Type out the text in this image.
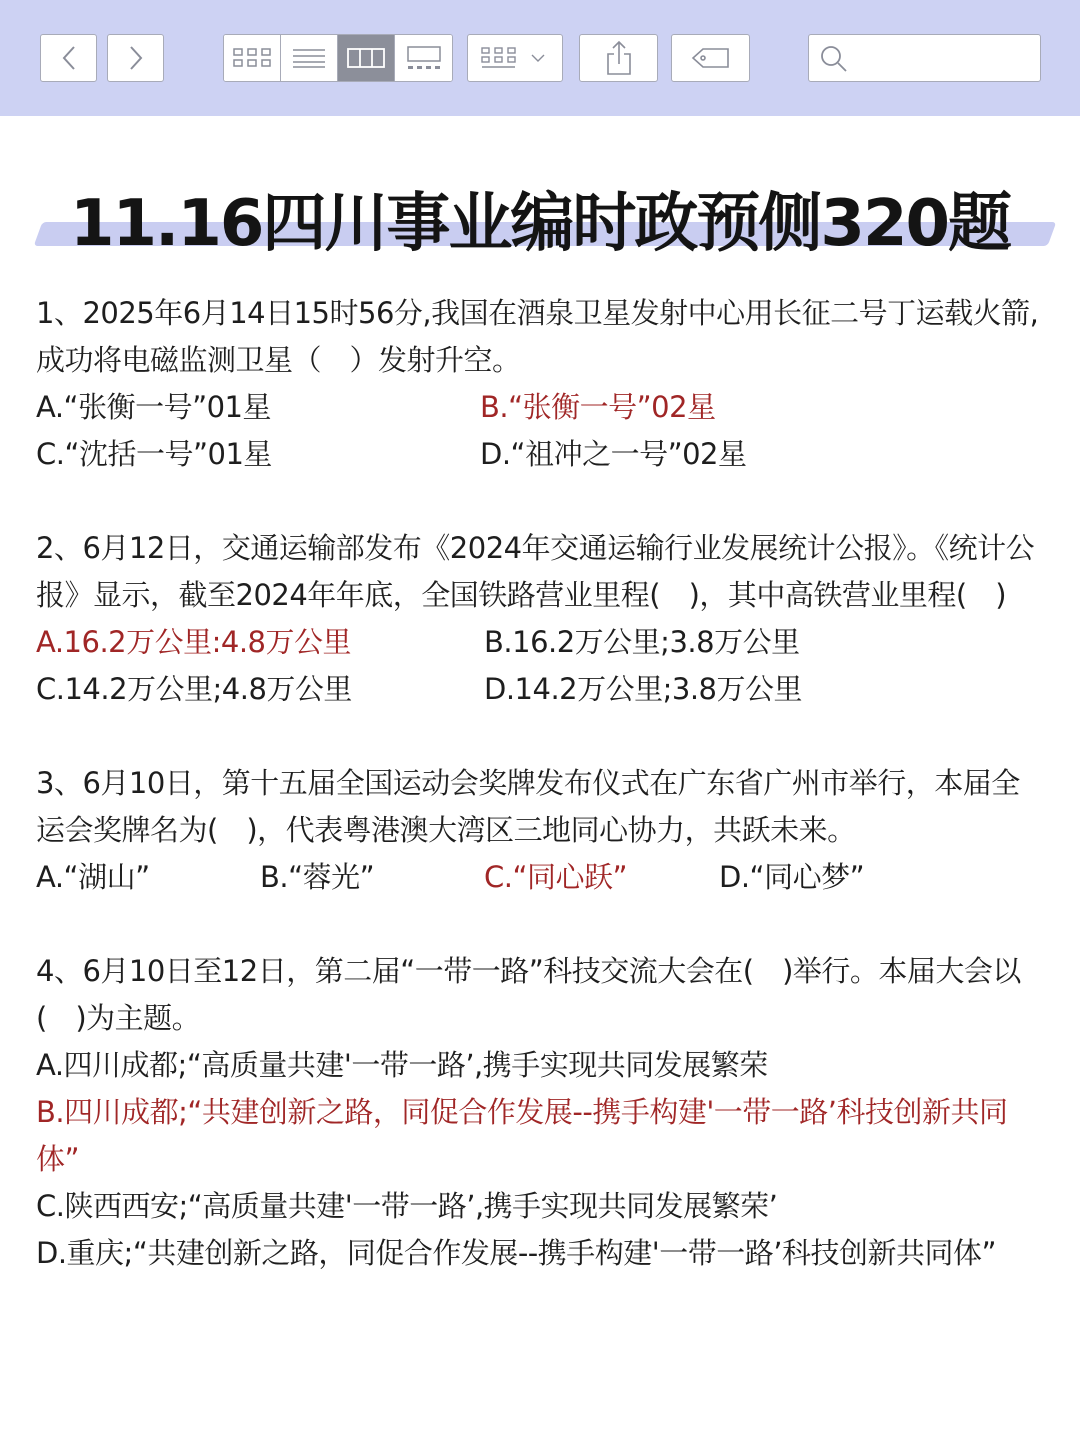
11.16四川事业编时政预侧320题
1、2025年6月14日15时56分,我国在酒泉卫星发射中心用长征二号丁运载火箭,成功将电磁监测卫星（　）发射升空。
A.“张衡一号”01星	B.“张衡一号”02星
C.“沈括一号”01星	D.“祖冲之一号”02星
2、6月12日，交通运输部发布《2024年交通运输行业发展统计公报》。《统计公报》显示，截至2024年年底，全国铁路营业里程(　)，其中高铁营业里程(　)
A.16.2万公里:4.8万公里	B.16.2万公里;3.8万公里
C.14.2万公里;4.8万公里	D.14.2万公里;3.8万公里
3、6月10日，第十五届全国运动会奖牌发布仪式在广东省广州市举行，本届全运会奖牌名为(　)，代表粤港澳大湾区三地同心协力，共跃未来。
A.“湖山”	B.“蓉光”	C.“同心跃”	D.“同心梦”
4、6月10日至12日，第二届“一带一路”科技交流大会在(　)举行。本届大会以(　)为主题。
A.四川成都;“高质量共建'一带一路’,携手实现共同发展繁荣
B.四川成都;“共建创新之路，同促合作发展--携手构建'一带一路’科技创新共同体”
C.陕西西安;“高质量共建'一带一路’,携手实现共同发展繁荣’
D.重庆;“共建创新之路，同促合作发展--携手构建'一带一路’科技创新共同体”
